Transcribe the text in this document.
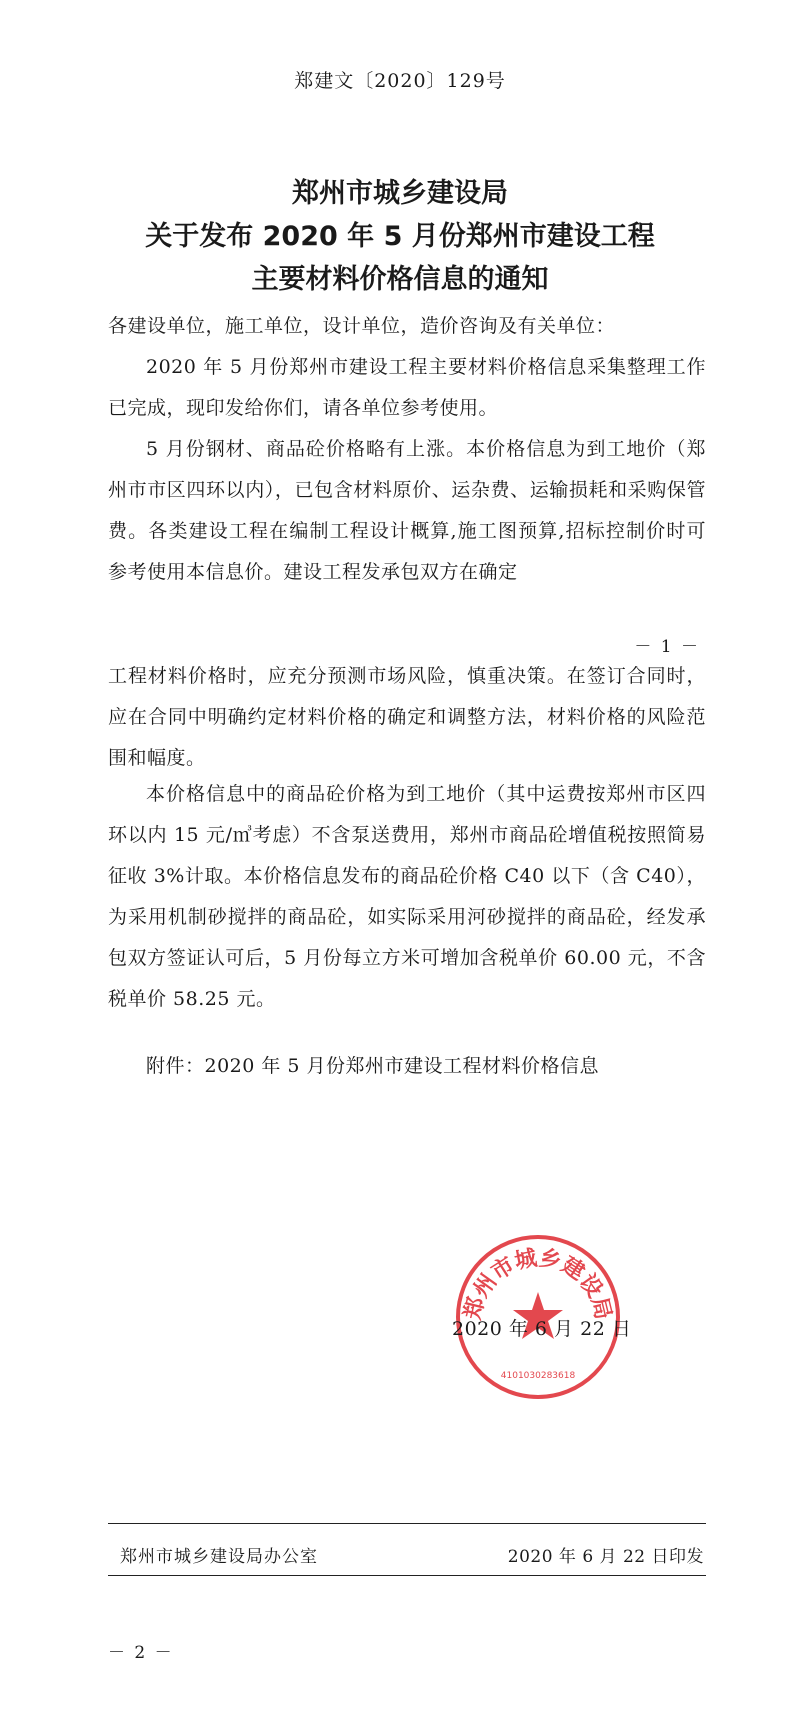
郑建文〔2020〕129号
郑州市城乡建设局
关于发布 2020 年 5 月份郑州市建设工程
主要材料价格信息的通知
各建设单位，施工单位，设计单位，造价咨询及有关单位：
2020 年 5 月份郑州市建设工程主要材料价格信息采集整理工作已完成，现印发给你们，请各单位参考使用。
5 月份钢材、商品砼价格略有上涨。本价格信息为到工地价（郑州市市区四环以内），已包含材料原价、运杂费、运输损耗和采购保管费。各类建设工程在编制工程设计概算,施工图预算,招标控制价时可参考使用本信息价。建设工程发承包双方在确定
－ 1 －
工程材料价格时，应充分预测市场风险，慎重决策。在签订合同时，应在合同中明确约定材料价格的确定和调整方法，材料价格的风险范围和幅度。
本价格信息中的商品砼价格为到工地价（其中运费按郑州市区四环以内 15 元/㎥考虑）不含泵送费用，郑州市商品砼增值税按照简易征收 3%计取。本价格信息发布的商品砼价格 C40 以下（含 C40），为采用机制砂搅拌的商品砼，如实际采用河砂搅拌的商品砼，经发承包双方签证认可后，5 月份每立方米可增加含税单价 60.00 元，不含税单价 58.25 元。
附件：2020 年 5 月份郑州市建设工程材料价格信息
郑州市城乡建设局
4101030283618
2020 年 6 月 22 日
郑州市城乡建设局办公室	2020 年 6 月 22 日印发
－ 2 －
